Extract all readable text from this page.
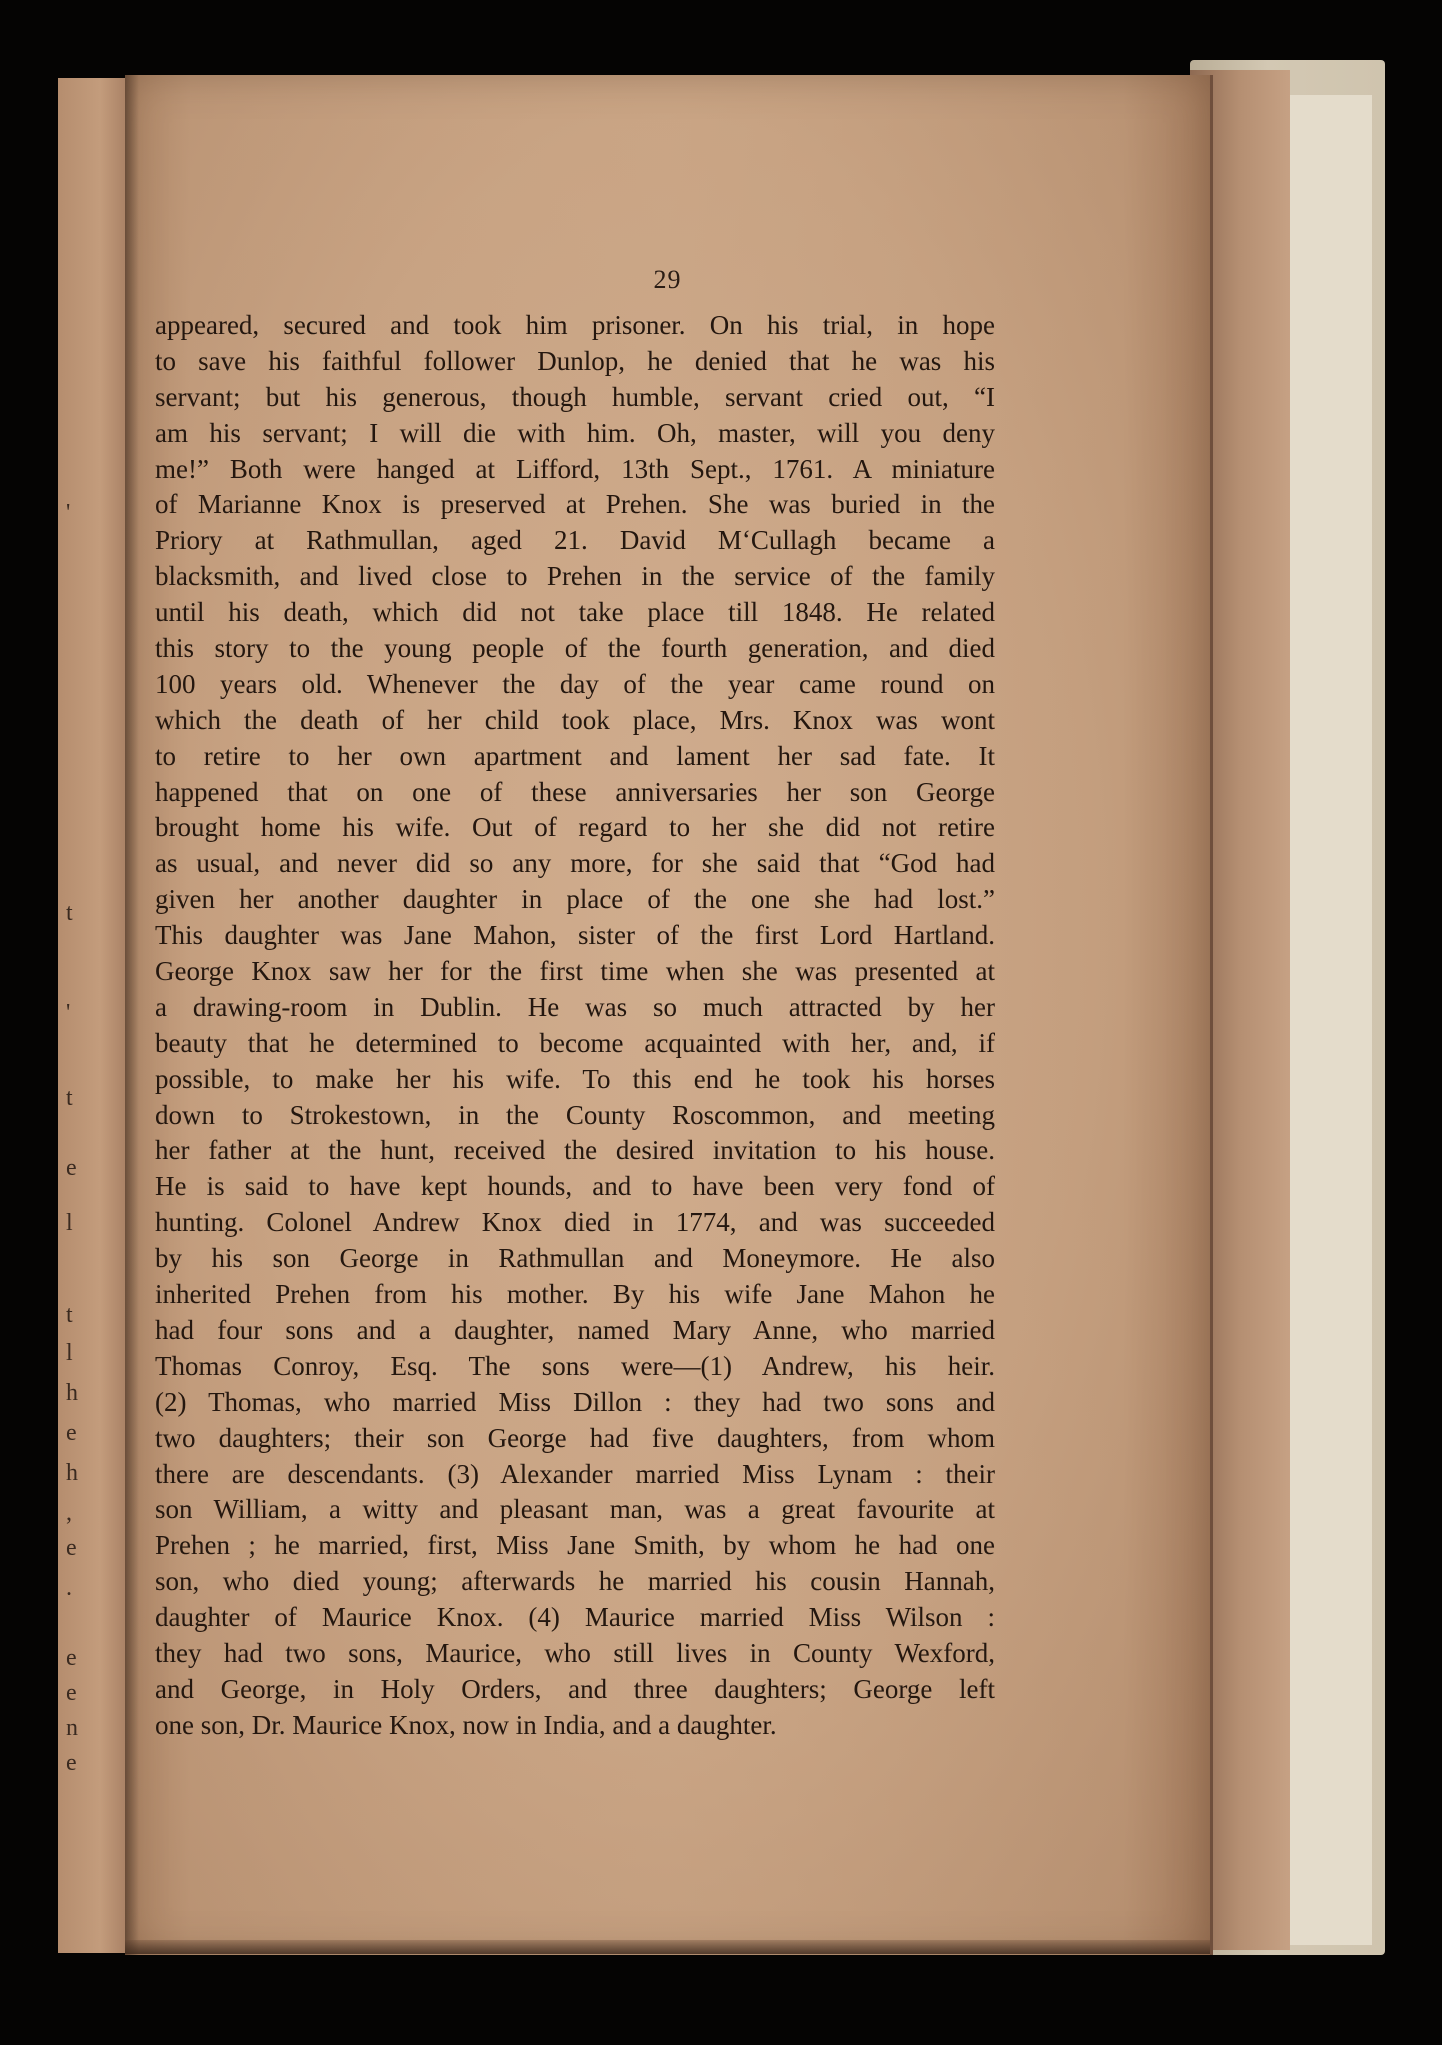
'
t
'
t
e
l
t
l
h
e
h
,
e
.
e
e
n
e
29
appeared, secured and took him prisoner. On his trial, in hope
to save his faithful follower Dunlop, he denied that he was his
servant; but his generous, though humble, servant cried out, “I
am his servant; I will die with him. Oh, master, will you deny
me!” Both were hanged at Lifford, 13th Sept., 1761. A miniature
of Marianne Knox is preserved at Prehen. She was buried in the
Priory at Rathmullan, aged 21. David M‘Cullagh became a
blacksmith, and lived close to Prehen in the service of the family
until his death, which did not take place till 1848. He related
this story to the young people of the fourth generation, and died
100 years old. Whenever the day of the year came round on
which the death of her child took place, Mrs. Knox was wont
to retire to her own apartment and lament her sad fate. It
happened that on one of these anniversaries her son George
brought home his wife. Out of regard to her she did not retire
as usual, and never did so any more, for she said that “God had
given her another daughter in place of the one she had lost.”
This daughter was Jane Mahon, sister of the first Lord Hartland.
George Knox saw her for the first time when she was presented at
a drawing-room in Dublin. He was so much attracted by her
beauty that he determined to become acquainted with her, and, if
possible, to make her his wife. To this end he took his horses
down to Strokestown, in the County Roscommon, and meeting
her father at the hunt, received the desired invitation to his house.
He is said to have kept hounds, and to have been very fond of
hunting. Colonel Andrew Knox died in 1774, and was succeeded
by his son George in Rathmullan and Moneymore. He also
inherited Prehen from his mother. By his wife Jane Mahon he
had four sons and a daughter, named Mary Anne, who married
Thomas Conroy, Esq. The sons were—(1) Andrew, his heir.
(2) Thomas, who married Miss Dillon : they had two sons and
two daughters; their son George had five daughters, from whom
there are descendants. (3) Alexander married Miss Lynam : their
son William, a witty and pleasant man, was a great favourite at
Prehen ; he married, first, Miss Jane Smith, by whom he had one
son, who died young; afterwards he married his cousin Hannah,
daughter of Maurice Knox. (4) Maurice married Miss Wilson :
they had two sons, Maurice, who still lives in County Wexford,
and George, in Holy Orders, and three daughters; George left
one son, Dr. Maurice Knox, now in India, and a daughter.
